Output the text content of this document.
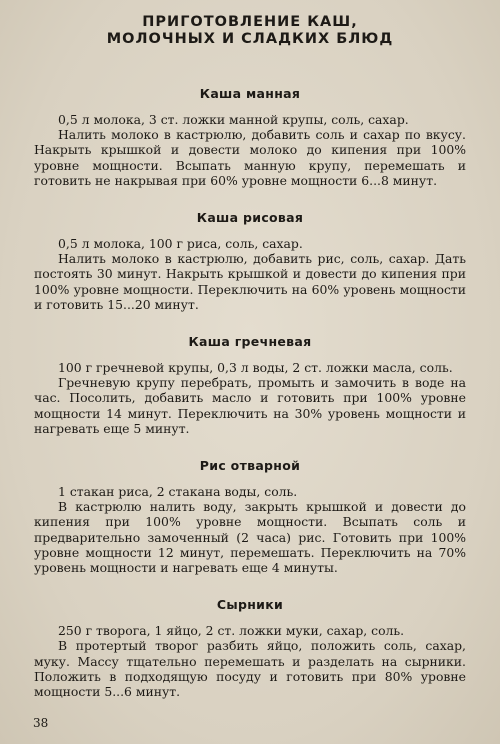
ПРИГОТОВЛЕНИЕ КАШ,
МОЛОЧНЫХ И СЛАДКИХ БЛЮД
Каша манная

0,5 л молока, 3 ст. ложки манной крупы, соль, сахар.

Налить молоко в кастрюлю, добавить соль и сахар по вкусу. Накрыть крышкой и довести молоко до кипения при 100% уровне мощности. Всыпать манную крупу, перемешать и готовить не накрывая при 60% уровне мощности 6...8 минут.

Каша рисовая

0,5 л молока, 100 г риса, соль, сахар.

Налить молоко в кастрюлю, добавить рис, соль, сахар. Дать постоять 30 минут. Накрыть крышкой и довести до кипения при 100% уровне мощности. Переключить на 60% уровень мощности и готовить 15...20 минут.

Каша гречневая

100 г гречневой крупы, 0,3 л воды, 2 ст. ложки масла, соль.

Гречневую крупу перебрать, промыть и замочить в воде на час. Посолить, добавить масло и готовить при 100% уровне мощности 14 минут. Переключить на 30% уровень мощности и нагревать еще 5 минут.

Рис отварной

1 стакан риса, 2 стакана воды, соль.

В кастрюлю налить воду, закрыть крышкой и довести до кипения при 100% уровне мощности. Всыпать соль и предварительно замоченный (2 часа) рис. Готовить при 100% уровне мощности 12 минут, перемешать. Переключить на 70% уровень мощности и нагревать еще 4 минуты.

Сырники

250 г творога, 1 яйцо, 2 ст. ложки муки, сахар, соль.

В протертый творог разбить яйцо, положить соль, сахар, муку. Массу тщательно перемешать и разделать на сырники. Положить в подходящую посуду и готовить при 80% уровне мощности 5...6 минут.

38
